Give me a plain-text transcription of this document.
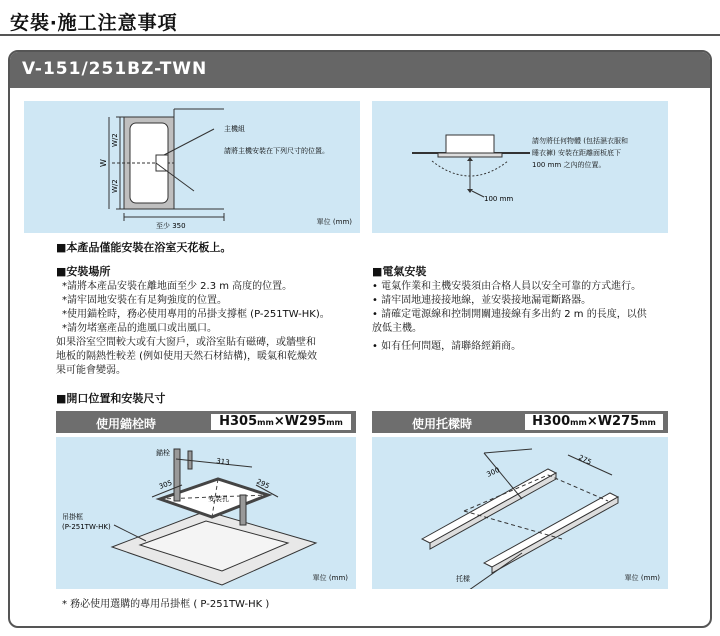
安裝‧施工注意事項
V-151/251BZ-TWN
主機組
請將主機安裝在下列尺寸的位置。
W
W/2
W/2
至少 350	單位 (mm)
100 mm
請勿將任何物體 (包括濕衣服和
睡衣褲) 安裝在距離面板底下
100 mm 之內的位置。
■本產品僅能安裝在浴室天花板上。
■安裝場所
*請將本產品安裝在離地面至少 2.3 m 高度的位置。
*請牢固地安裝在有足夠強度的位置。
*使用錨栓時，務必使用專用的吊掛支撐框 (P-251TW-HK)。
*請勿堵塞產品的進風口或出風口。
如果浴室空間較大或有大窗戶，或浴室貼有磁磚，或牆壁和
地板的隔熱性較差 (例如使用天然石材結構)，暖氣和乾燥效
果可能會變弱。
■電氣安裝
• 電氣作業和主機安裝須由合格人員以安全可靠的方式進行。
• 請牢固地連接接地線，並安裝接地漏電斷路器。
• 請確定電源線和控制開關連接線有多出約 2 m 的長度，以供
放低主機。
• 如有任何問題，請聯絡經銷商。
■開口位置和安裝尺寸
使用錨栓時	H305mm×W295mm	使用托樑時	H300mm×W275mm
錨栓
313
305	295
安裝孔
吊掛框
(P-251TW-HK)
單位 (mm)
300
275
托樑	單位 (mm)
* 務必使用選購的專用吊掛框 ( P-251TW-HK )
